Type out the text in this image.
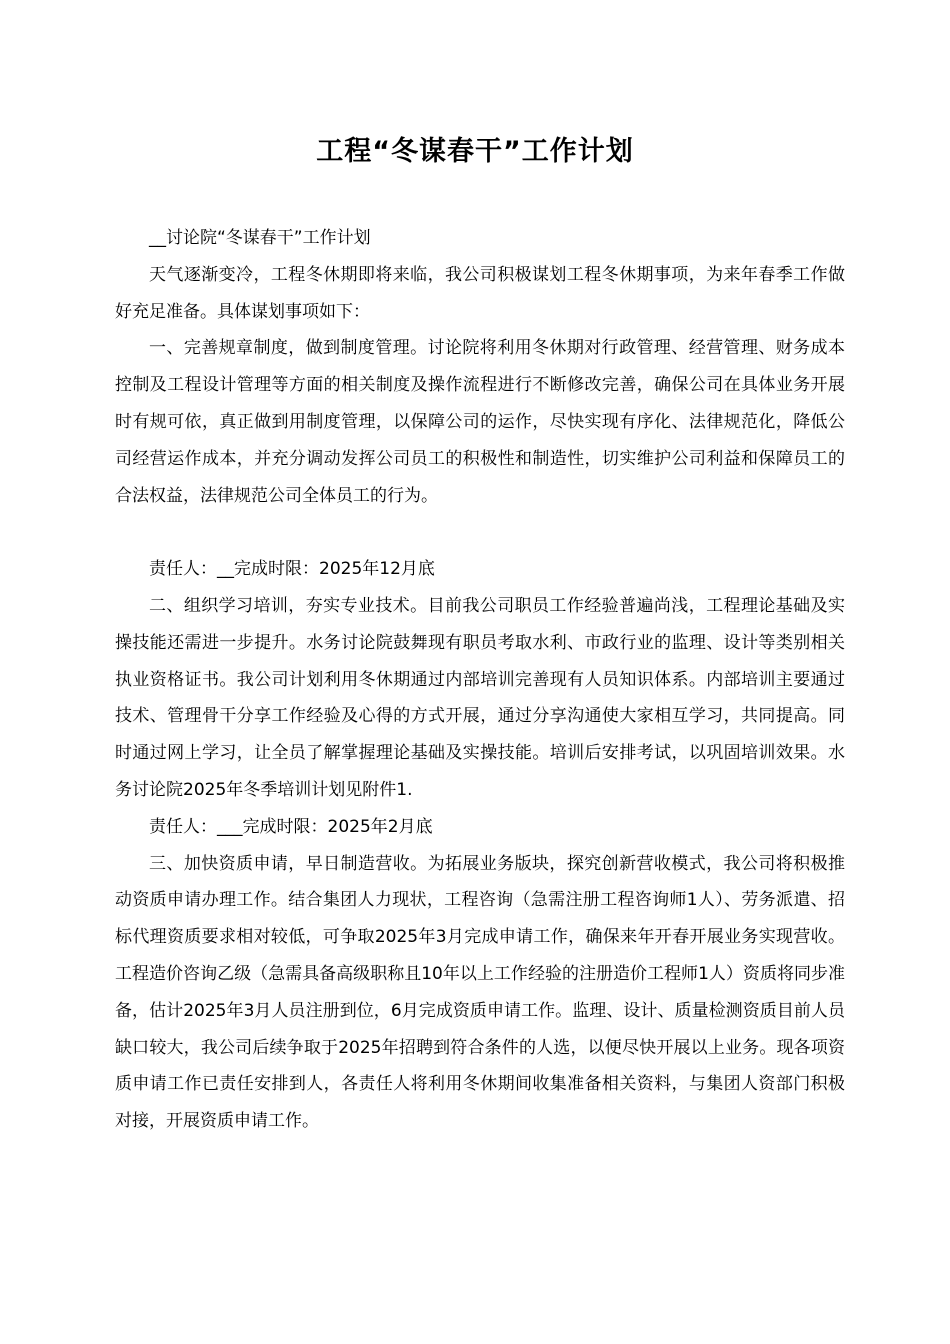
工程“冬谋春干”工作计划

__讨论院“冬谋春干”工作计划

天气逐渐变冷，工程冬休期即将来临，我公司积极谋划工程冬休期事项，为来年春季工作做好充足准备。具体谋划事项如下：

一、完善规章制度，做到制度管理。讨论院将利用冬休期对行政管理、经营管理、财务成本控制及工程设计管理等方面的相关制度及操作流程进行不断修改完善，确保公司在具体业务开展时有规可依，真正做到用制度管理，以保障公司的运作，尽快实现有序化、法律规范化，降低公司经营运作成本，并充分调动发挥公司员工的积极性和制造性，切实维护公司利益和保障员工的合法权益，法律规范公司全体员工的行为。

责任人：__完成时限：2025年12月底

二、组织学习培训，夯实专业技术。目前我公司职员工作经验普遍尚浅，工程理论基础及实操技能还需进一步提升。水务讨论院鼓舞现有职员考取水利、市政行业的监理、设计等类别相关执业资格证书。我公司计划利用冬休期通过内部培训完善现有人员知识体系。内部培训主要通过技术、管理骨干分享工作经验及心得的方式开展，通过分享沟通使大家相互学习，共同提高。同时通过网上学习，让全员了解掌握理论基础及实操技能。培训后安排考试，以巩固培训效果。水务讨论院2025年冬季培训计划见附件1.

责任人：___完成时限：2025年2月底

三、加快资质申请，早日制造营收。为拓展业务版块，探究创新营收模式，我公司将积极推动资质申请办理工作。结合集团人力现状，工程咨询（急需注册工程咨询师1人）、劳务派遣、招标代理资质要求相对较低，可争取2025年3月完成申请工作，确保来年开春开展业务实现营收。工程造价咨询乙级（急需具备高级职称且10年以上工作经验的注册造价工程师1人）资质将同步准备，估计2025年3月人员注册到位，6月完成资质申请工作。监理、设计、质量检测资质目前人员缺口较大，我公司后续争取于2025年招聘到符合条件的人选，以便尽快开展以上业务。现各项资质申请工作已责任安排到人，各责任人将利用冬休期间收集准备相关资料，与集团人资部门积极对接，开展资质申请工作。
